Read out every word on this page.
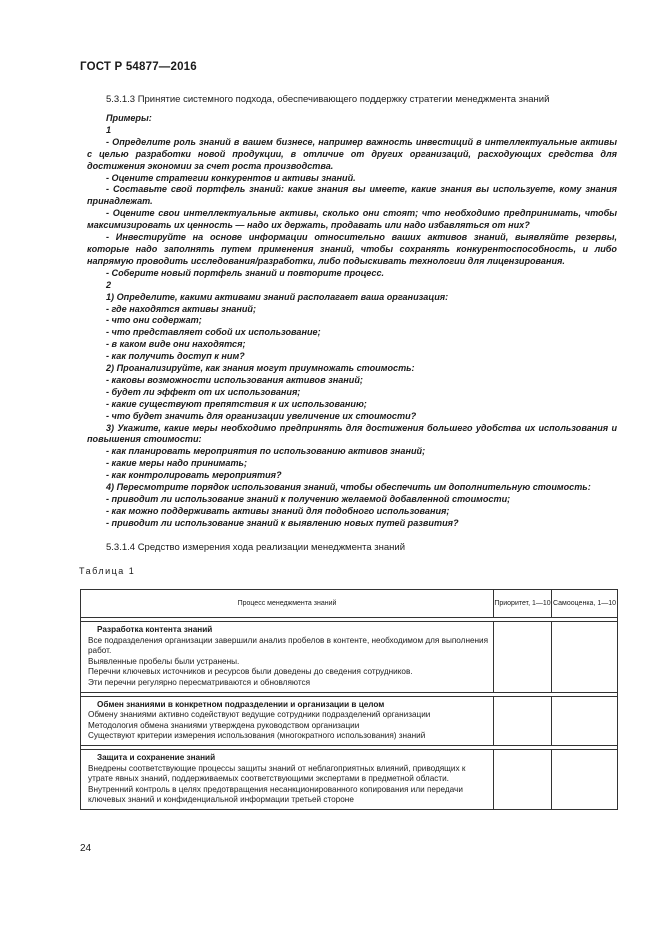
ГОСТ Р 54877—2016
5.3.1.3 Принятие системного подхода, обеспечивающего поддержку стратегии менеджмента знаний

Примеры:

1

- Определите роль знаний в вашем бизнесе, например важность инвестиций в интеллектуальные активы с целью разработки новой продукции, в отличие от других организаций, расходующих средства для достижения экономии за счет роста производства.

- Оцените стратегии конкурентов и активы знаний.

- Составьте свой портфель знаний: какие знания вы имеете, какие знания вы используете, кому знания принадлежат.

- Оцените свои интеллектуальные активы, сколько они стоят; что необходимо предпринимать, чтобы максимизировать их ценность — надо их держать, продавать или надо избавляться от них?

- Инвестируйте на основе информации относительно ваших активов знаний, выявляйте резервы, которые надо заполнять путем применения знаний, чтобы сохранять конкурентоспособность, и либо напрямую проводить исследования/разработки, либо подыскивать технологии для лицензирования.

- Соберите новый портфель знаний и повторите процесс.

2

1) Определите, какими активами знаний располагает ваша организация:

- где находятся активы знаний;

- что они содержат;

- что представляет собой их использование;

- в каком виде они находятся;

- как получить доступ к ним?

2) Проанализируйте, как знания могут приумножать стоимость:

- каковы возможности использования активов знаний;

- будет ли эффект от их использования;

- какие существуют препятствия к их использованию;

- что будет значить для организации увеличение их стоимости?

3) Укажите, какие меры необходимо предпринять для достижения большего удобства их использования и повышения стоимости:

- как планировать мероприятия по использованию активов знаний;

- какие меры надо принимать;

- как контролировать мероприятия?

4) Пересмотрите порядок использования знаний, чтобы обеспечить им дополнительную стоимость:

- приводит ли использование знаний к получению желаемой добавленной стоимости;

- как можно поддерживать активы знаний для подобного использования;

- приводит ли использование знаний к выявлению новых путей развития?

5.3.1.4 Средство измерения хода реализации менеджмента знаний
Таблица 1
Процесс менеджмента знаний	Приоритет, 1—10	Самооценка, 1—10

Разработка контента знаний

Все подразделения организации завершили анализ пробелов в контенте, необходимом для выполнения работ.

Выявленные пробелы были устранены.

Перечни ключевых источников и ресурсов были доведены до сведения сотрудников.

Эти перечни регулярно пересматриваются и обновляются		

Обмен знаниями в конкретном подразделении и организации в целом

Обмену знаниями активно содействуют ведущие сотрудники подразделений организации

Методология обмена знаниями утверждена руководством организации

Существуют критерии измерения использования (многократного использования) знаний		

Защита и сохранение знаний

Внедрены соответствующие процессы защиты знаний от неблагоприятных влияний, приводящих к утрате явных знаний, поддерживаемых соответствующими экспертами в предметной области.

Внутренний контроль в целях предотвращения несанкционированного копирования или передачи ключевых знаний и конфиденциальной информации третьей стороне		

24
